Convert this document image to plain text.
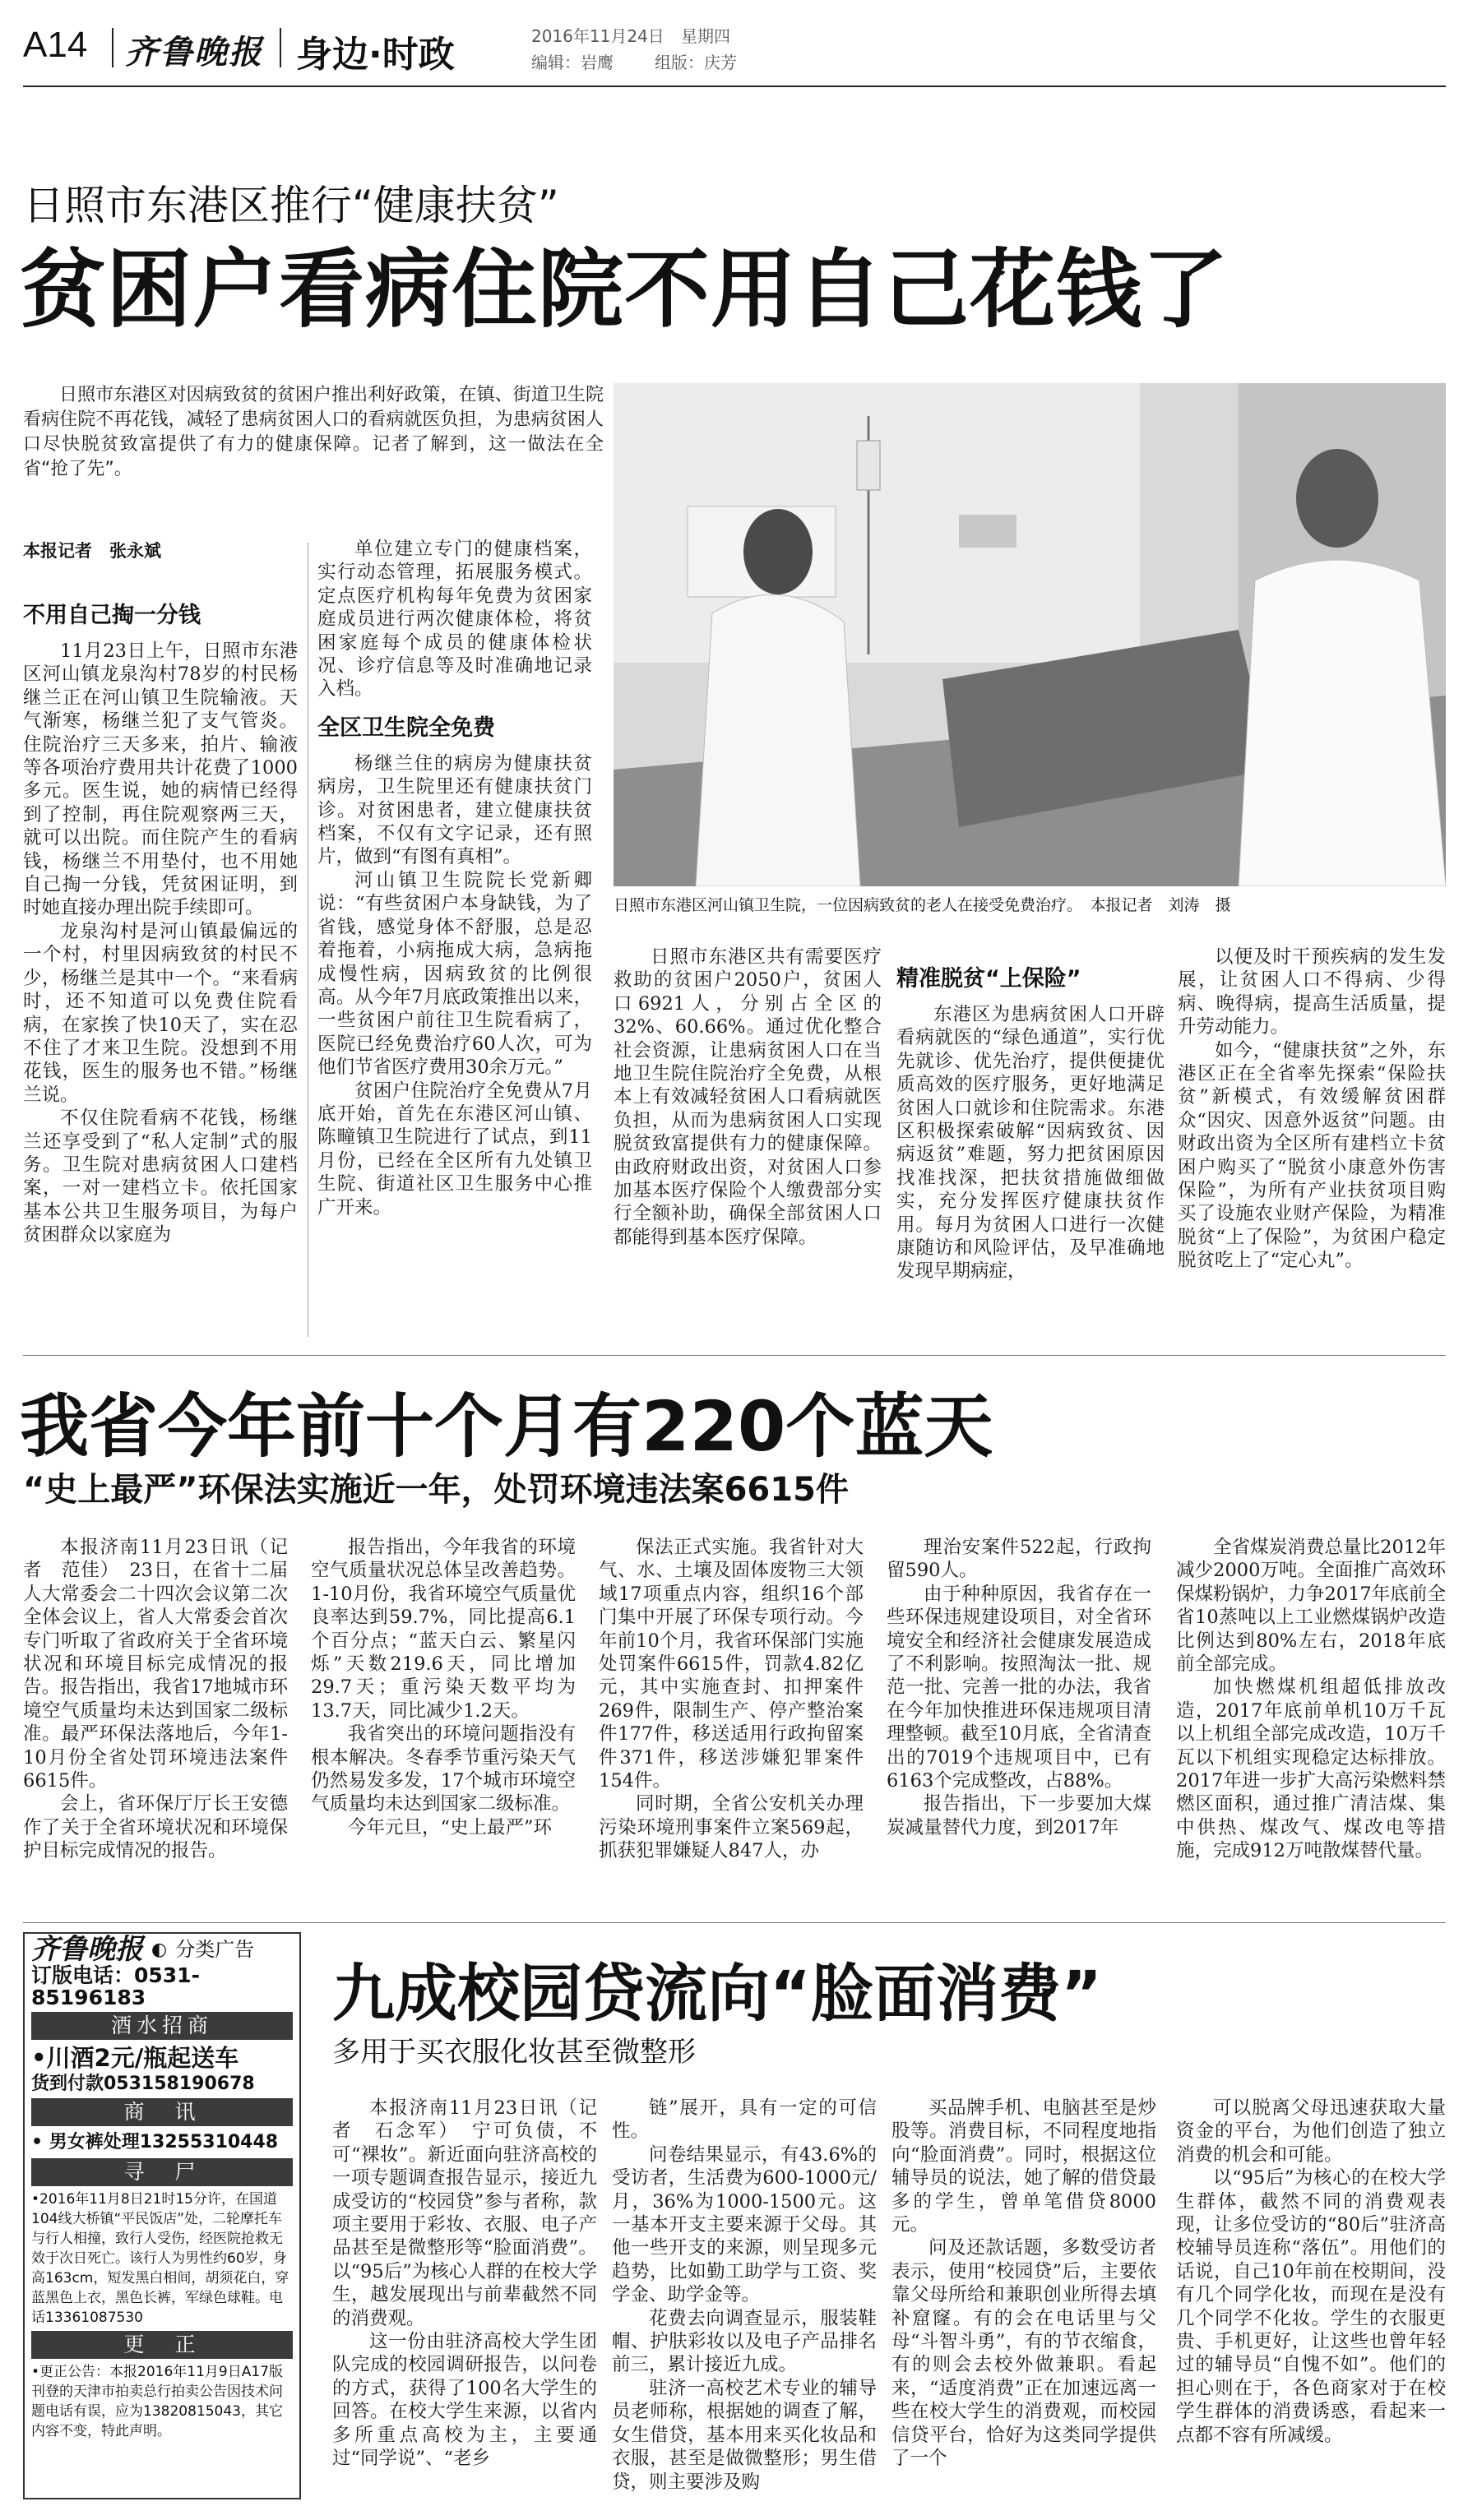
A14 齐鲁晚报 身边·时政	2016年11月24日 星期四
编辑：岩鹰	组版：庆芳
日照市东港区推行“健康扶贫”
贫困户看病住院不用自己花钱了

日照市东港区对因病致贫的贫困户推出利好政策，在镇、街道卫生院看病住院不再花钱，减轻了患病贫困人口的看病就医负担，为患病贫困人口尽快脱贫致富提供了有力的健康保障。记者了解到，这一做法在全省“抢了先”。

本报记者　张永斌
日照市东港区河山镇卫生院，一位因病致贫的老人在接受免费治疗。　本报记者　刘涛　摄
不用自己掏一分钱

11月23日上午，日照市东港区河山镇龙泉沟村78岁的村民杨继兰正在河山镇卫生院输液。天气渐寒，杨继兰犯了支气管炎。住院治疗三天多来，拍片、输液等各项治疗费用共计花费了1000多元。医生说，她的病情已经得到了控制，再住院观察两三天，就可以出院。而住院产生的看病钱，杨继兰不用垫付，也不用她自己掏一分钱，凭贫困证明，到时她直接办理出院手续即可。

龙泉沟村是河山镇最偏远的一个村，村里因病致贫的村民不少，杨继兰是其中一个。“来看病时，还不知道可以免费住院看病，在家挨了快10天了，实在忍不住了才来卫生院。没想到不用花钱，医生的服务也不错。”杨继兰说。

不仅住院看病不花钱，杨继兰还享受到了“私人定制”式的服务。卫生院对患病贫困人口建档案，一对一建档立卡。依托国家基本公共卫生服务项目，为每户贫困群众以家庭为

单位建立专门的健康档案，实行动态管理，拓展服务模式。定点医疗机构每年免费为贫困家庭成员进行两次健康体检，将贫困家庭每个成员的健康体检状况、诊疗信息等及时准确地记录入档。

全区卫生院全免费

杨继兰住的病房为健康扶贫病房，卫生院里还有健康扶贫门诊。对贫困患者，建立健康扶贫档案，不仅有文字记录，还有照片，做到“有图有真相”。

河山镇卫生院院长党新卿说：“有些贫困户本身缺钱，为了省钱，感觉身体不舒服，总是忍着拖着，小病拖成大病，急病拖成慢性病，因病致贫的比例很高。从今年7月底政策推出以来，一些贫困户前往卫生院看病了，医院已经免费治疗60人次，可为他们节省医疗费用30余万元。”

贫困户住院治疗全免费从7月底开始，首先在东港区河山镇、陈疃镇卫生院进行了试点，到11月份，已经在全区所有九处镇卫生院、街道社区卫生服务中心推广开来。

日照市东港区共有需要医疗救助的贫困户2050户，贫困人口6921人，分别占全区的32%、60.66%。通过优化整合社会资源，让患病贫困人口在当地卫生院住院治疗全免费，从根本上有效减轻贫困人口看病就医负担，从而为患病贫困人口实现脱贫致富提供有力的健康保障。由政府财政出资，对贫困人口参加基本医疗保险个人缴费部分实行全额补助，确保全部贫困人口都能得到基本医疗保障。

精准脱贫“上保险”

东港区为患病贫困人口开辟看病就医的“绿色通道”，实行优先就诊、优先治疗，提供便捷优质高效的医疗服务，更好地满足贫困人口就诊和住院需求。东港区积极探索破解“因病致贫、因病返贫”难题，努力把贫困原因找准找深，把扶贫措施做细做实，充分发挥医疗健康扶贫作用。每月为贫困人口进行一次健康随访和风险评估，及早准确地发现早期病症，

以便及时干预疾病的发生发展，让贫困人口不得病、少得病、晚得病，提高生活质量，提升劳动能力。

如今，“健康扶贫”之外，东港区正在全省率先探索“保险扶贫”新模式，有效缓解贫困群众“因灾、因意外返贫”问题。由财政出资为全区所有建档立卡贫困户购买了“脱贫小康意外伤害保险”，为所有产业扶贫项目购买了设施农业财产保险，为精准脱贫“上了保险”，为贫困户稳定脱贫吃上了“定心丸”。

我省今年前十个月有220个蓝天
“史上最严”环保法实施近一年，处罚环境违法案6615件

本报济南11月23日讯（记者　范佳）　23日，在省十二届人大常委会二十四次会议第二次全体会议上，省人大常委会首次专门听取了省政府关于全省环境状况和环境目标完成情况的报告。报告指出，我省17地城市环境空气质量均未达到国家二级标准。最严环保法落地后，今年1-10月份全省处罚环境违法案件6615件。

会上，省环保厅厅长王安德作了关于全省环境状况和环境保护目标完成情况的报告。

报告指出，今年我省的环境空气质量状况总体呈改善趋势。1-10月份，我省环境空气质量优良率达到59.7%，同比提高6.1个百分点；“蓝天白云、繁星闪烁”天数219.6天，同比增加29.7天；重污染天数平均为13.7天，同比减少1.2天。

我省突出的环境问题指没有根本解决。冬春季节重污染天气仍然易发多发，17个城市环境空气质量均未达到国家二级标准。

今年元旦，“史上最严”环

保法正式实施。我省针对大气、水、土壤及固体废物三大领域17项重点内容，组织16个部门集中开展了环保专项行动。今年前10个月，我省环保部门实施处罚案件6615件，罚款4.82亿元，其中实施查封、扣押案件269件，限制生产、停产整治案件177件，移送适用行政拘留案件371件，移送涉嫌犯罪案件154件。

同时期，全省公安机关办理污染环境刑事案件立案569起，抓获犯罪嫌疑人847人，办

理治安案件522起，行政拘留590人。

由于种种原因，我省存在一些环保违规建设项目，对全省环境安全和经济社会健康发展造成了不利影响。按照淘汰一批、规范一批、完善一批的办法，我省在今年加快推进环保违规项目清理整顿。截至10月底，全省清查出的7019个违规项目中，已有6163个完成整改，占88%。

报告指出，下一步要加大煤炭减量替代力度，到2017年

全省煤炭消费总量比2012年减少2000万吨。全面推广高效环保煤粉锅炉，力争2017年底前全省10蒸吨以上工业燃煤锅炉改造比例达到80%左右，2018年底前全部完成。

加快燃煤机组超低排放改造，2017年底前单机10万千瓦以上机组全部完成改造，10万千瓦以下机组实现稳定达标排放。2017年进一步扩大高污染燃料禁燃区面积，通过推广清洁煤、集中供热、煤改气、煤改电等措施，完成912万吨散煤替代量。

齐鲁晚报 ◐ 分类广告
订版电话：0531-85196183
酒水招商
•川酒2元/瓶起送车
货到付款053158190678
商　讯
• 男女裤处理13255310448
寻　尸
•2016年11月8日21时15分许，在国道104线大桥镇“平民饭店”处，二轮摩托车与行人相撞，致行人受伤，经医院抢救无效于次日死亡。该行人为男性约60岁，身高163cm，短发黑白相间，胡须花白，穿蓝黑色上衣，黑色长裤，军绿色球鞋。电话13361087530
更　正
•更正公告：本报2016年11月9日A17版刊登的天津市拍卖总行拍卖公告因技术问题电话有误，应为13820815043，其它内容不变，特此声明。
九成校园贷流向“脸面消费”
多用于买衣服化妆甚至微整形

本报济南11月23日讯（记者　石念军）　宁可负债，不可“裸妆”。新近面向驻济高校的一项专题调查报告显示，接近九成受访的“校园贷”参与者称，款项主要用于彩妆、衣服、电子产品甚至是微整形等“脸面消费”。以“95后”为核心人群的在校大学生，越发展现出与前辈截然不同的消费观。

这一份由驻济高校大学生团队完成的校园调研报告，以问卷的方式，获得了100名大学生的回答。在校大学生来源，以省内多所重点高校为主，主要通过“同学说”、“老乡

链”展开，具有一定的可信性。

问卷结果显示，有43.6%的受访者，生活费为600-1000元/月，36%为1000-1500元。这一基本开支主要来源于父母。其他一些开支的来源，则呈现多元趋势，比如勤工助学与工资、奖学金、助学金等。

花费去向调查显示，服装鞋帽、护肤彩妆以及电子产品排名前三，累计接近九成。

驻济一高校艺术专业的辅导员老师称，根据她的调查了解，女生借贷，基本用来买化妆品和衣服，甚至是做微整形；男生借贷，则主要涉及购

买品牌手机、电脑甚至是炒股等。消费目标，不同程度地指向“脸面消费”。同时，根据这位辅导员的说法，她了解的借贷最多的学生，曾单笔借贷8000元。

问及还款话题，多数受访者表示，使用“校园贷”后，主要依靠父母所给和兼职创业所得去填补窟窿。有的会在电话里与父母“斗智斗勇”，有的节衣缩食，有的则会去校外做兼职。看起来，“适度消费”正在加速远离一些在校大学生的消费观，而校园信贷平台，恰好为这类同学提供了一个

可以脱离父母迅速获取大量资金的平台，为他们创造了独立消费的机会和可能。

以“95后”为核心的在校大学生群体，截然不同的消费观表现，让多位受访的“80后”驻济高校辅导员连称“落伍”。用他们的话说，自己10年前在校期间，没有几个同学化妆，而现在是没有几个同学不化妆。学生的衣服更贵、手机更好，让这些也曾年轻过的辅导员“自愧不如”。他们的担心则在于，各色商家对于在校学生群体的消费诱惑，看起来一点都不容有所减缓。
